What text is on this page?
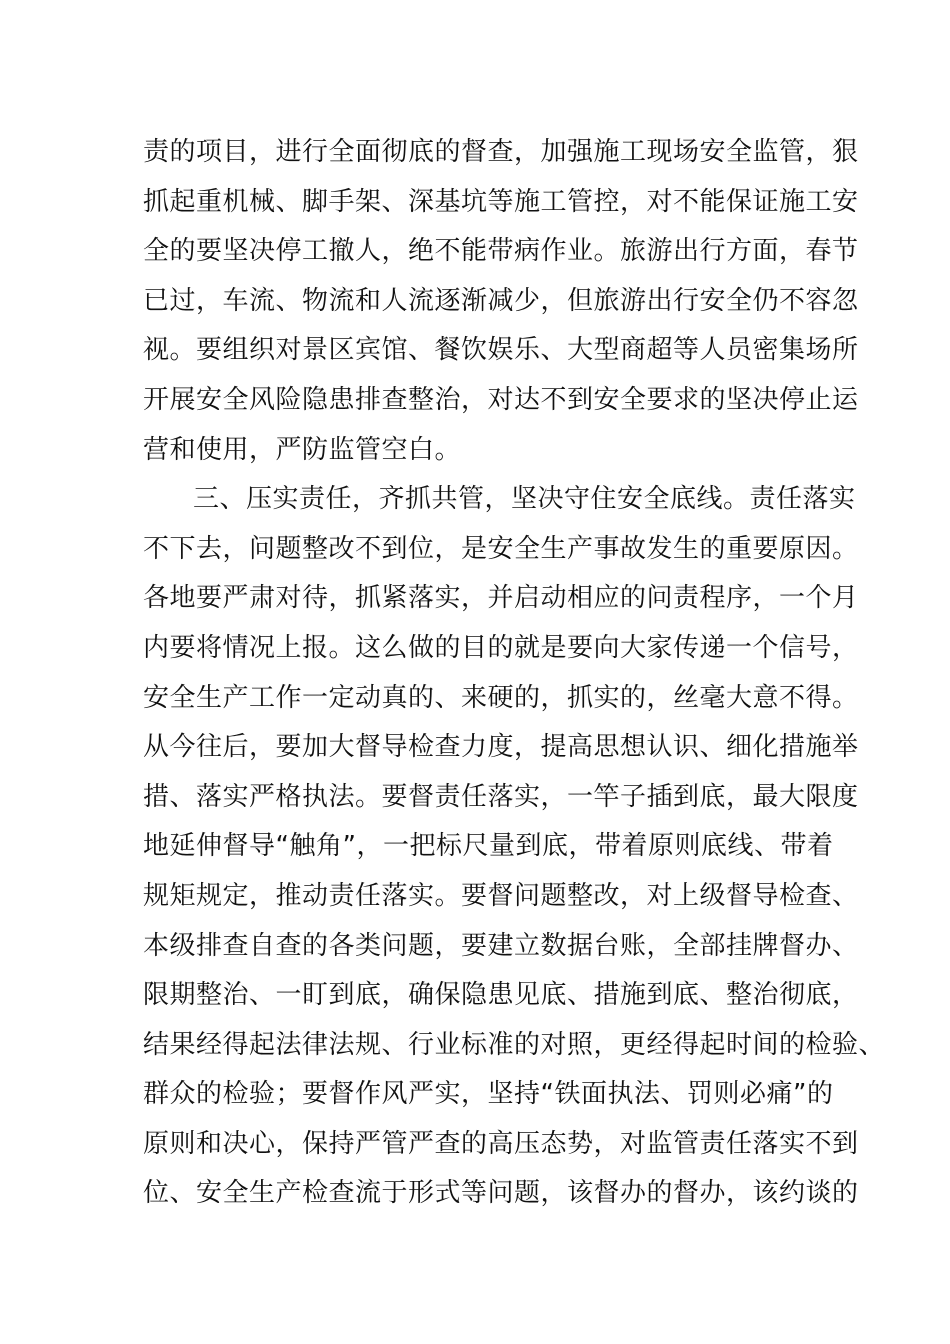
责的项目，进行全面彻底的督查，加强施工现场安全监管，狠
抓起重机械、脚手架、深基坑等施工管控，对不能保证施工安
全的要坚决停工撤人，绝不能带病作业。旅游出行方面，春节
已过，车流、物流和人流逐渐减少，但旅游出行安全仍不容忽
视。要组织对景区宾馆、餐饮娱乐、大型商超等人员密集场所
开展安全风险隐患排查整治，对达不到安全要求的坚决停止运
营和使用，严防监管空白。
三、压实责任，齐抓共管，坚决守住安全底线。责任落实
不下去，问题整改不到位，是安全生产事故发生的重要原因。
各地要严肃对待，抓紧落实，并启动相应的问责程序，一个月
内要将情况上报。这么做的目的就是要向大家传递一个信号，
安全生产工作一定动真的、来硬的，抓实的，丝毫大意不得。
从今往后，要加大督导检查力度，提高思想认识、细化措施举
措、落实严格执法。要督责任落实，一竿子插到底，最大限度
地延伸督导“触角”，一把标尺量到底，带着原则底线、带着
规矩规定，推动责任落实。要督问题整改，对上级督导检查、
本级排查自查的各类问题，要建立数据台账，全部挂牌督办、
限期整治、一盯到底，确保隐患见底、措施到底、整治彻底，
结果经得起法律法规、行业标准的对照，更经得起时间的检验、
群众的检验；要督作风严实，坚持“铁面执法、罚则必痛”的
原则和决心，保持严管严查的高压态势，对监管责任落实不到
位、安全生产检查流于形式等问题，该督办的督办，该约谈的
